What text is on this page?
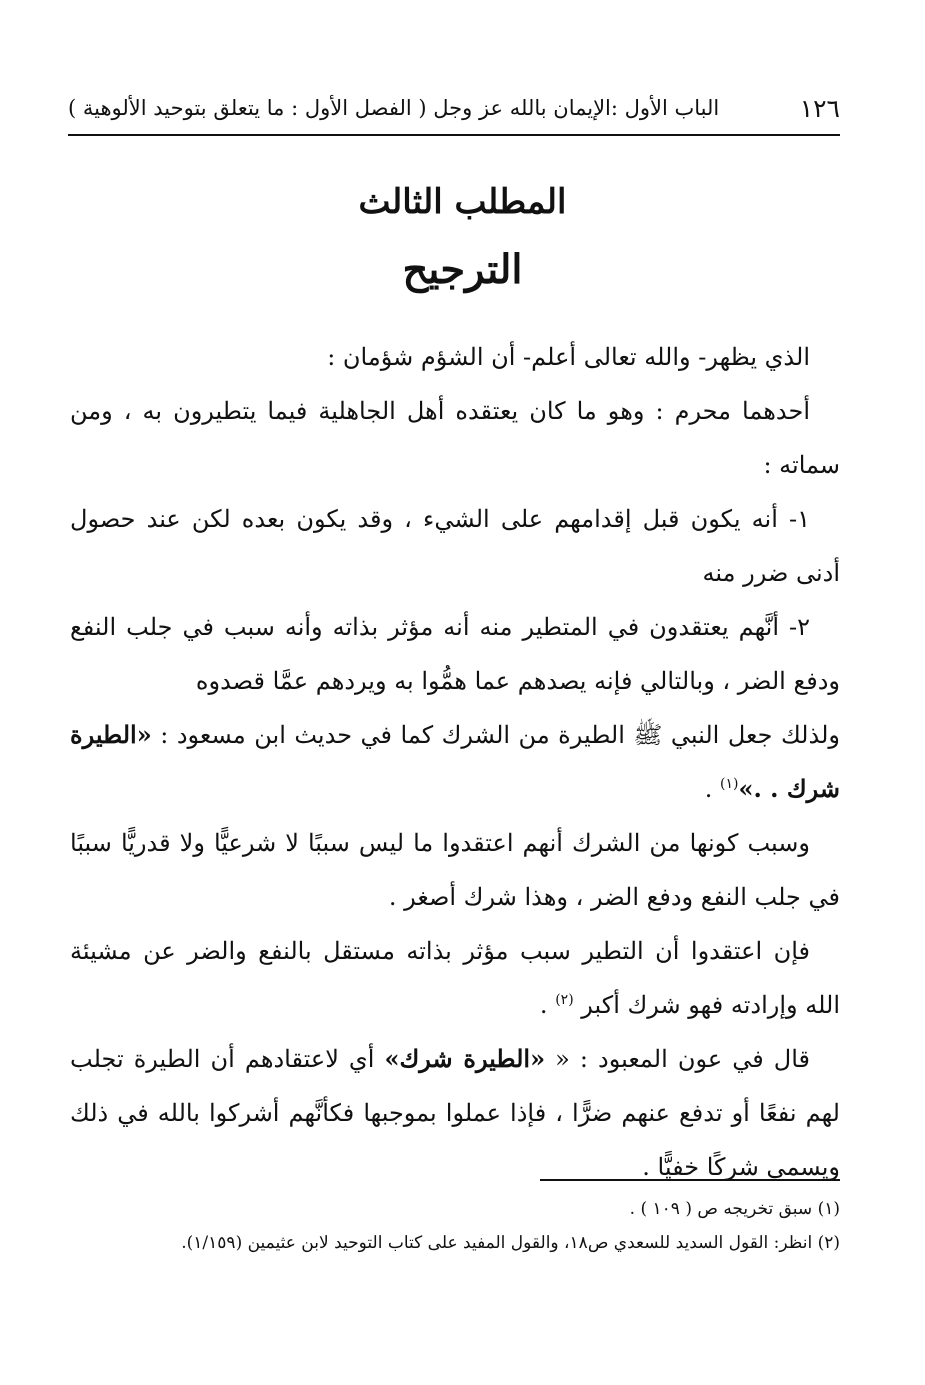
١٢٦
الباب الأول :الإيمان بالله عز وجل ( الفصل الأول : ما يتعلق بتوحيد الألوهية )
المطلب الثالث
الترجيح

الذي يظهر- والله تعالى أعلم- أن الشؤم شؤمان :

أحدهما محرم : وهو ما كان يعتقده أهل الجاهلية فيما يتطيرون به ، ومن سماته :

١- أنه يكون قبل إقدامهم على الشيء ، وقد يكون بعده لكن عند حصول أدنى ضرر منه

٢- أنَّهم يعتقدون في المتطير منه أنه مؤثر بذاته وأنه سبب في جلب النفع ودفع الضر ، وبالتالي فإنه يصدهم عما همُّوا به ويردهم عمَّا قصدوه

ولذلك جعل النبي ﷺ الطيرة من الشرك كما في حديث ابن مسعود : «الطيرة شرك . .»$^{(١)}$ .

وسبب كونها من الشرك أنهم اعتقدوا ما ليس سببًا لا شرعيًّا ولا قدريًّا سببًا في جلب النفع ودفع الضر ، وهذا شرك أصغر .

فإن اعتقدوا أن التطير سبب مؤثر بذاته مستقل بالنفع والضر عن مشيئة الله وإرادته فهو شرك أكبر $^{(٢)}$ .

قال في عون المعبود : « «الطيرة شرك» أي لاعتقادهم أن الطيرة تجلب لهم نفعًا أو تدفع عنهم ضرًّا ، فإذا عملوا بموجبها فكأنَّهم أشركوا بالله في ذلك ويسمى شركًا خفيًّا .

(١) سبق تخريجه ص ( ١٠٩ ) .

(٢) انظر: القول السديد للسعدي ص١٨، والقول المفيد على كتاب التوحيد لابن عثيمين (١/١٥٩).
